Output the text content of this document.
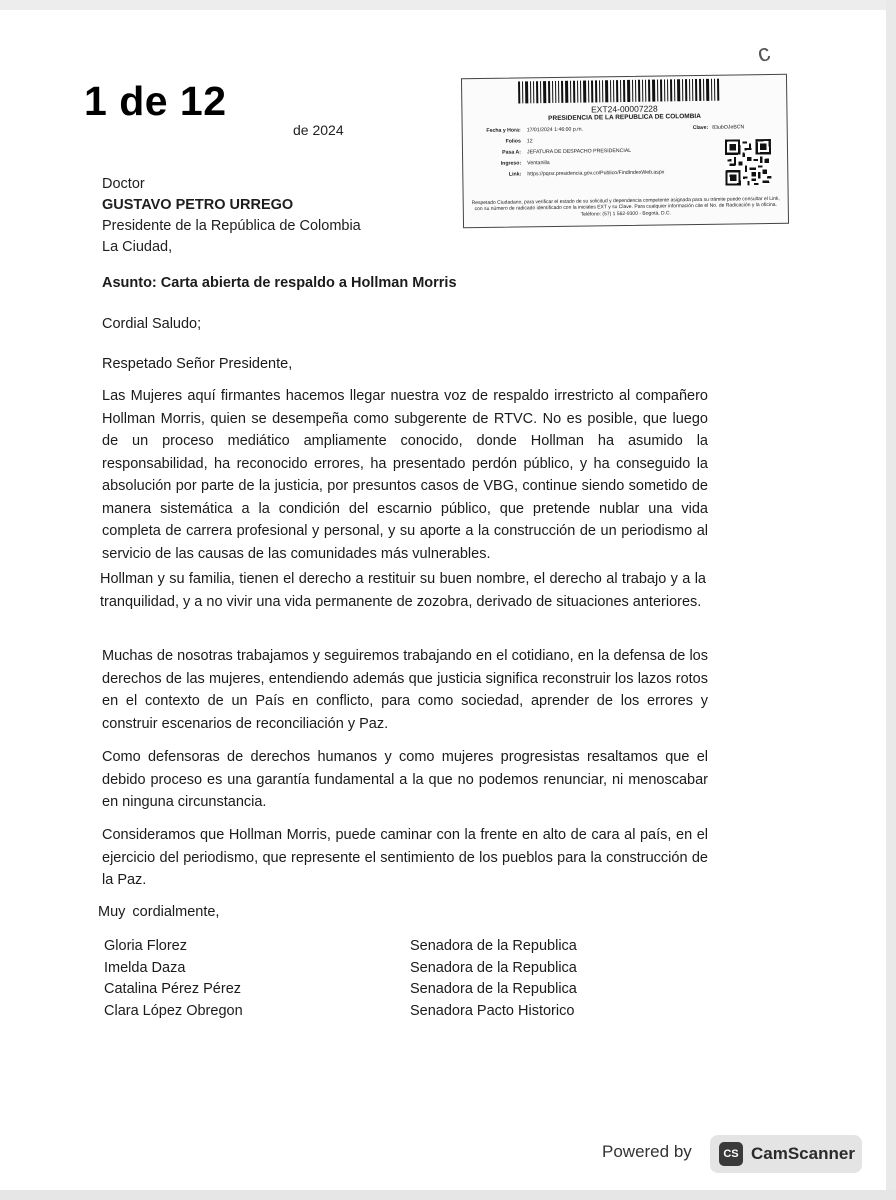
1 de 12
de 2024
c
EXT24-00007228
PRESIDENCIA DE LA REPUBLICA DE COLOMBIA
Fecha y Hora:	17/01/2024 1:46:00 p.m.
Folios	12
Pasa A:	JEFATURA DE DESPACHO PRESIDENCIAL
Ingreso:	Ventanilla
Link:	https://pqrsr.presidencia.gov.co/Publico/FindIndexWeb.aspx
Clave: 83ubOJeBCN
Respetado Ciudadano, para verificar el estado de su solicitud y dependencia competente asignada para su trámite puede consultar el Link, con su número de radicado identificado con la iniciales EXT y su Clave. Para cualquier información cite el No. de Radicación y la oficina. Teléfono: (57) 1 562-9300 - Bogotá, D.C.
Doctor
GUSTAVO PETRO URREGO
Presidente de la República de Colombia
La Ciudad,
Asunto: Carta abierta de respaldo a Hollman Morris
Cordial Saludo;
Respetado Señor Presidente,
Las Mujeres aquí firmantes hacemos llegar nuestra voz de respaldo irrestricto al compañero Hollman Morris, quien se desempeña como subgerente de RTVC. No es posible, que luego de un proceso mediático ampliamente conocido, donde Hollman ha asumido la responsabilidad, ha reconocido errores, ha presentado perdón público, y ha conseguido la absolución por parte de la justicia, por presuntos casos de VBG, continue siendo sometido de manera sistemática a la condición del escarnio público, que pretende nublar una vida completa de carrera profesional y personal, y su aporte a la construcción de un periodismo al servicio de las causas de las comunidades más vulnerables.
Hollman y su familia, tienen el derecho a restituir su buen nombre, el derecho al trabajo y a la tranquilidad, y a no vivir una vida permanente de zozobra, derivado de situaciones anteriores.
Muchas de nosotras trabajamos y seguiremos trabajando en el cotidiano, en la defensa de los derechos de las mujeres, entendiendo además que justicia significa reconstruir los lazos rotos en el contexto de un País en conflicto, para como sociedad, aprender de los errores y construir escenarios de reconciliación y Paz.
Como defensoras de derechos humanos y como mujeres progresistas resaltamos que el debido proceso es una garantía fundamental a la que no podemos renunciar, ni menoscabar en ninguna circunstancia.
Consideramos que Hollman Morris, puede caminar con la frente en alto de cara al país, en el ejercicio del periodismo, que represente el sentimiento de los pueblos para la construcción de la Paz.
Muy cordialmente,
Gloria Florez	Senadora de la Republica
Imelda Daza	Senadora de la Republica
Catalina Pérez Pérez	Senadora de la Republica
Clara López Obregon	Senadora Pacto Historico
Powered by	CS CamScanner
